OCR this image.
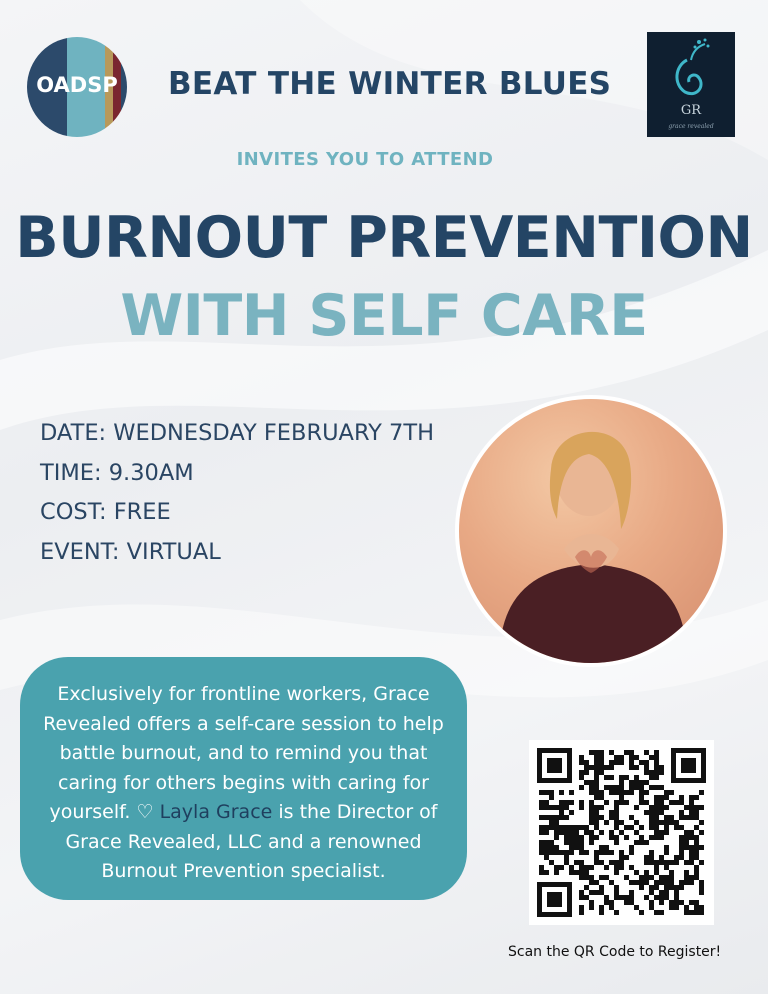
OADSP BEAT THE WINTER BLUES
GR
grace revealed
INVITES YOU TO ATTEND
BURNOUT PREVENTION
WITH SELF CARE
DATE: WEDNESDAY FEBRUARY 7TH
TIME: 9.30AM
COST: FREE
EVENT: VIRTUAL
Exclusively for frontline workers, Grace Revealed offers a self-care session to help battle burnout, and to remind you that caring for others begins with caring for yourself. ♡ Layla Grace is the Director of Grace Revealed, LLC and a renowned Burnout Prevention specialist.
Scan the QR Code to Register!
